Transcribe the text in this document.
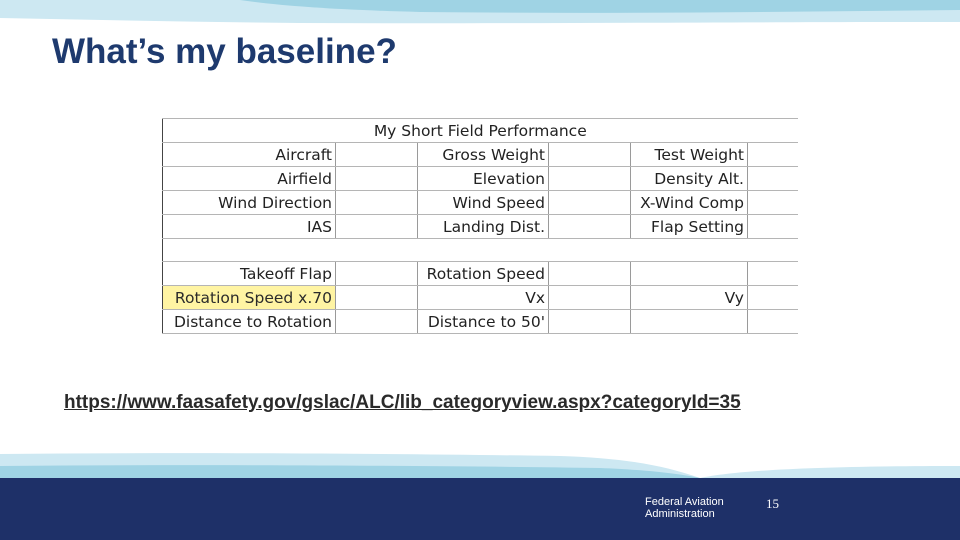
What’s my baseline?
My Short Field Performance					
Aircraft		Gross Weight		Test Weight	
Airfield		Elevation		Density Alt.	
Wind Direction		Wind Speed		X-Wind Comp	
IAS		Landing Dist.		Flap Setting	

Takeoff Flap		Rotation Speed			
Rotation Speed x.70		Vx		Vy	
Distance to Rotation		Distance to 50'			
https://www.faasafety.gov/gslac/ALC/lib_categoryview.aspx?categoryId=35
Federal Aviation
Administration
15
